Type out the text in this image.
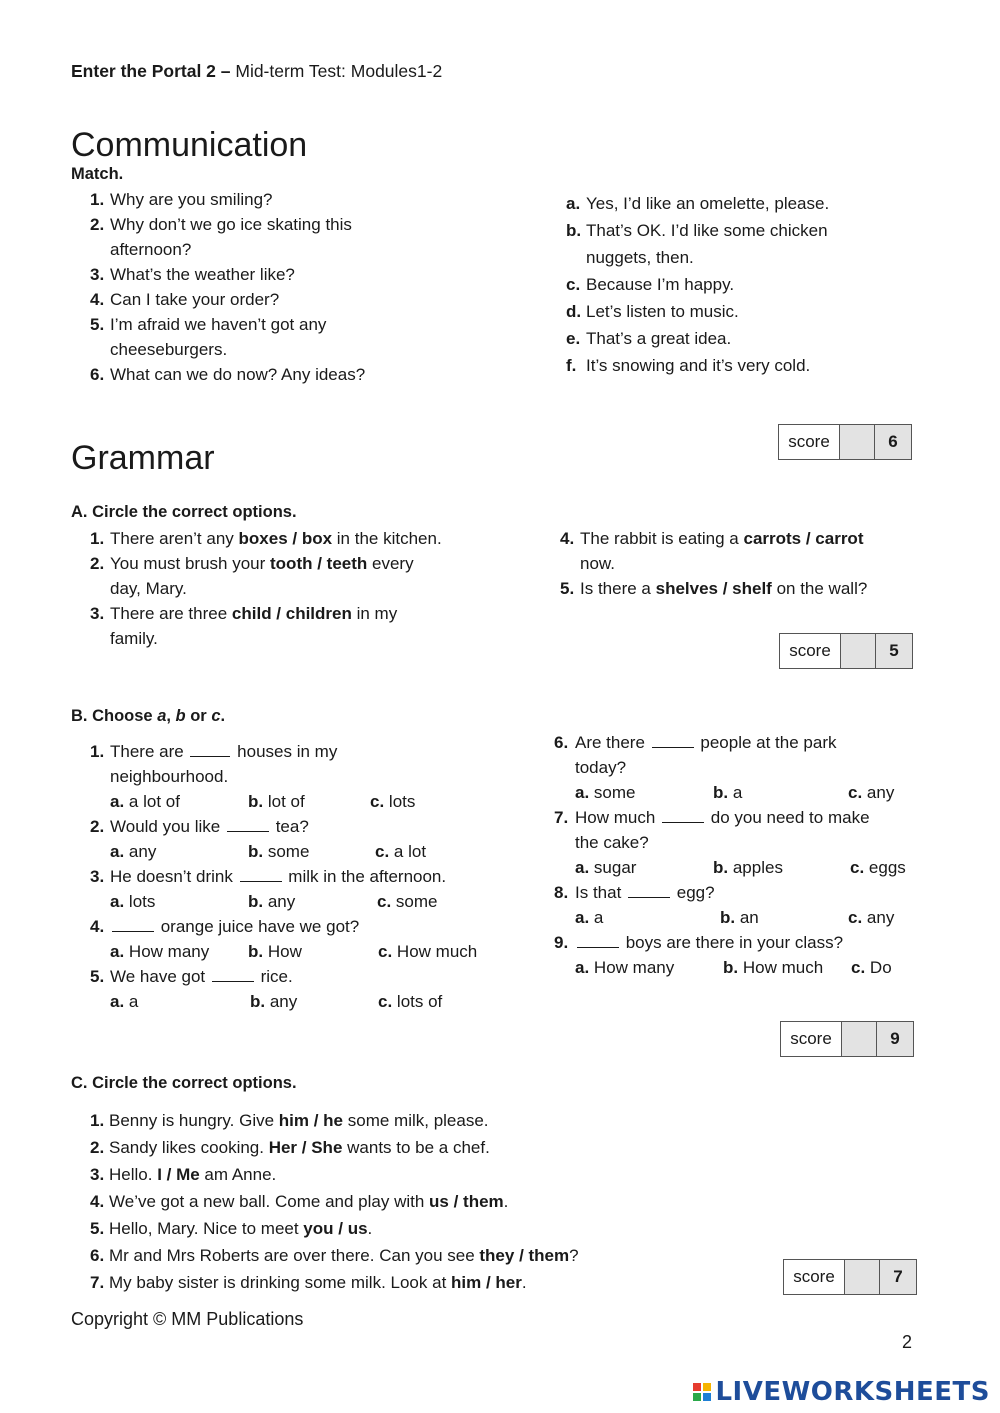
Enter the Portal 2 – Mid-term Test: Modules1-2
Communication
Match.
1. Why are you smiling?
2. Why don’t we go ice skating this
afternoon?
3. What’s the weather like?
4. Can I take your order?
5. I’m afraid we haven’t got any
cheeseburgers.
6. What can we do now? Any ideas?
a. Yes, I’d like an omelette, please.
b. That’s OK. I’d like some chicken
nuggets, then.
c. Because I’m happy.
d. Let’s listen to music.
e. That’s a great idea.
f. It’s snowing and it’s very cold.
score	6
Grammar
A. Circle the correct options.
1. There aren’t any boxes / box in the kitchen.
2. You must brush your tooth / teeth every
day, Mary.
3. There are three child / children in my
family.
4. The rabbit is eating a carrots / carrot
now.
5. Is there a shelves / shelf on the wall?
score	5
B. Choose a, b or c.
1. There are	houses in my
neighbourhood.
a. a lot of	b. lot of	c. lots
2. Would you like	tea?
a. any	b. some	c. a lot
3. He doesn’t drink	milk in the afternoon.
a. lots	b. any	c. some
4.	orange juice have we got?
a. How many b. How	c. How much
5. We have got	rice.
a. a	b. any	c. lots of
6. Are there	people at the park
today?
a. some	b. a	c. any
7. How much	do you need to make
the cake?
a. sugar	b. apples	c. eggs
8. Is that	egg?
a. a	b. an	c. any
9.	boys are there in your class?
a. How many	b. How much c. Do
score	9
C. Circle the correct options.
1. Benny is hungry. Give him / he some milk, please.
2. Sandy likes cooking. Her / She wants to be a chef.
3. Hello. I / Me am Anne.
4. We’ve got a new ball. Come and play with us / them.
5. Hello, Mary. Nice to meet you / us.
6. Mr and Mrs Roberts are over there. Can you see they / them?
7. My baby sister is drinking some milk. Look at him / her.	score	7
Copyright © MM Publications
2
LIVEWORKSHEETS
